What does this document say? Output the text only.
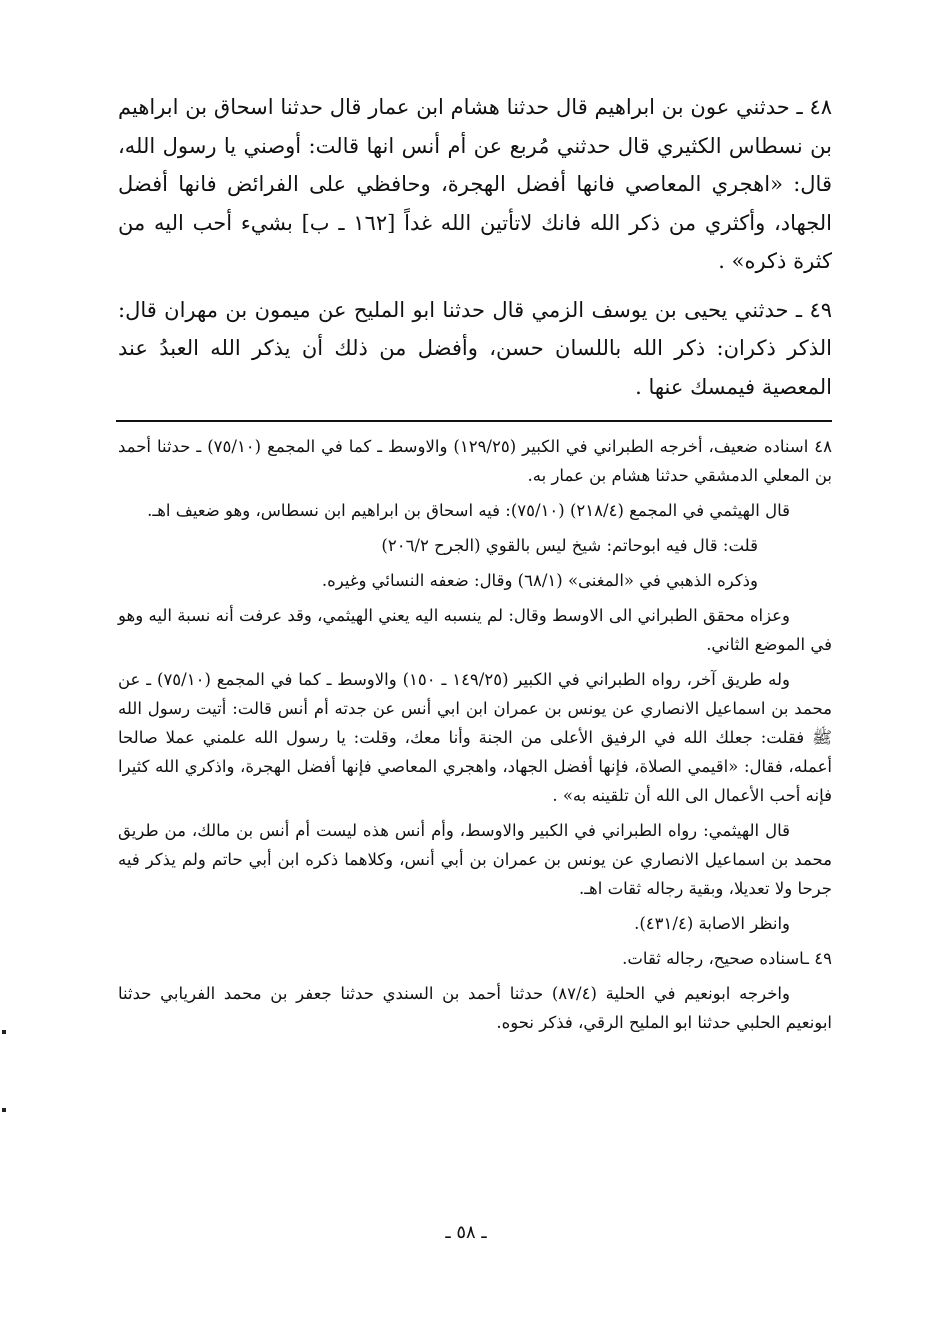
٤٨ ـ حدثني عون بن ابراهيم قال حدثنا هشام ابن عمار قال حدثنا اسحاق بن ابراهيم بن نسطاس الكثيري قال حدثني مُربع عن أم أنس انها قالت: أوصني يا رسول الله، قال: «اهجري المعاصي فانها أفضل الهجرة، وحافظي على الفرائض فانها أفضل الجهاد، وأكثري من ذكر الله فانك لاتأتين الله غداً [١٦٢ ـ ب] بشيء أحب اليه من كثرة ذكره» .

٤٩ ـ حدثني يحيى بن يوسف الزمي قال حدثنا ابو المليح عن ميمون بن مهران قال: الذكر ذكران: ذكر الله باللسان حسن، وأفضل من ذلك أن يذكر الله العبدُ عند المعصية فيمسك عنها .

٤٨ اسناده ضعيف، أخرجه الطبراني في الكبير (١٢٩/٢٥) والاوسط ـ كما في المجمع (٧٥/١٠) ـ حدثنا أحمد بن المعلي الدمشقي حدثنا هشام بن عمار به.

قال الهيثمي في المجمع (٢١٨/٤) (٧٥/١٠): فيه اسحاق بن ابراهيم ابن نسطاس، وهو ضعيف اهـ.

قلت: قال فيه ابوحاتم: شيخ ليس بالقوي (الجرح ٢٠٦/٢)

وذكره الذهبي في «المغنى» (٦٨/١) وقال: ضعفه النسائي وغيره.

وعزاه محقق الطبراني الى الاوسط وقال: لم ينسبه اليه يعني الهيثمي، وقد عرفت أنه نسبة اليه وهو في الموضع الثاني.

وله طريق آخر، رواه الطبراني في الكبير (١٤٩/٢٥ ـ ١٥٠) والاوسط ـ كما في المجمع (٧٥/١٠) ـ عن محمد بن اسماعيل الانصاري عن يونس بن عمران ابن ابي أنس عن جدته أم أنس قالت: أتيت رسول الله ﷺ فقلت: جعلك الله في الرفيق الأعلى من الجنة وأنا معك، وقلت: يا رسول الله علمني عملا صالحا أعمله، فقال: «اقيمي الصلاة، فإنها أفضل الجهاد، واهجري المعاصي فإنها أفضل الهجرة، واذكري الله كثيرا فإنه أحب الأعمال الى الله أن تلقينه به» .

قال الهيثمي: رواه الطبراني في الكبير والاوسط، وأم أنس هذه ليست أم أنس بن مالك، من طريق محمد بن اسماعيل الانصاري عن يونس بن عمران بن أبي أنس، وكلاهما ذكره ابن أبي حاتم ولم يذكر فيه جرحا ولا تعديلا، وبقية رجاله ثقات اهـ.

وانظر الاصابة (٤٣١/٤).

٤٩ ـاسناده صحيح، رجاله ثقات.

واخرجه ابونعيم في الحلية (٨٧/٤) حدثنا أحمد بن السندي حدثنا جعفر بن محمد الفريابي حدثنا ابونعيم الحلبي حدثنا ابو المليح الرقي، فذكر نحوه.

ـ ٥٨ ـ
